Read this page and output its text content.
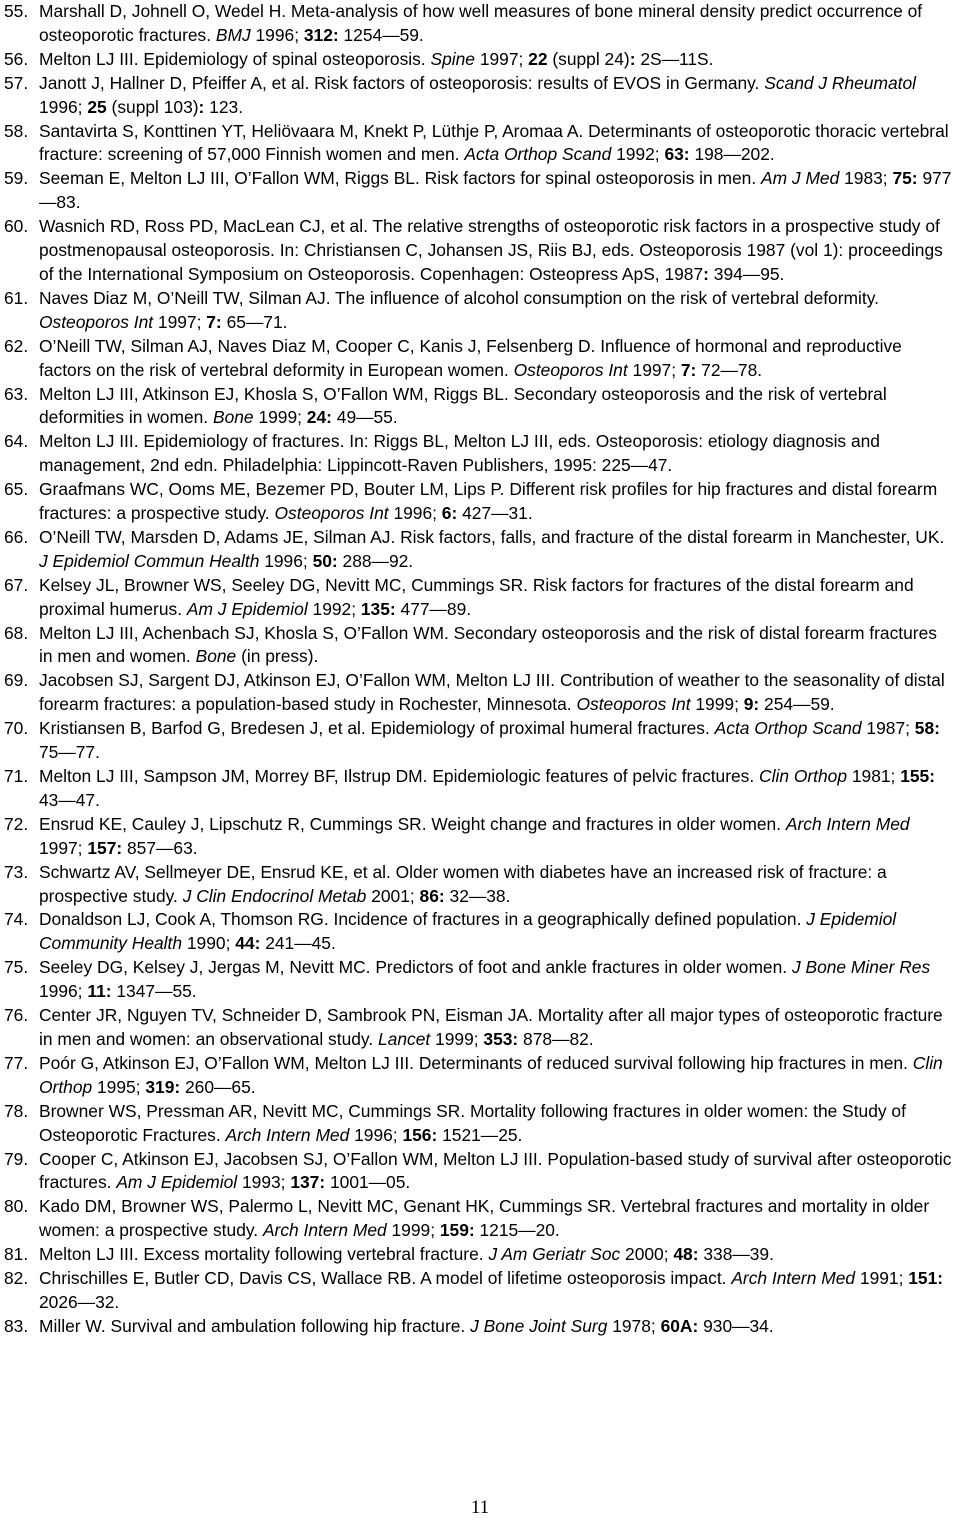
55. Marshall D, Johnell O, Wedel H. Meta-analysis of how well measures of bone mineral density predict occurrence of osteoporotic fractures. BMJ 1996; 312: 1254—59.
56. Melton LJ III. Epidemiology of spinal osteoporosis. Spine 1997; 22 (suppl 24): 2S—11S.
57. Janott J, Hallner D, Pfeiffer A, et al. Risk factors of osteoporosis: results of EVOS in Germany. Scand J Rheumatol 1996; 25 (suppl 103): 123.
58. Santavirta S, Konttinen YT, Heliövaara M, Knekt P, Lüthje P, Aromaa A. Determinants of osteoporotic thoracic vertebral fracture: screening of 57,000 Finnish women and men. Acta Orthop Scand 1992; 63: 198—202.
59. Seeman E, Melton LJ III, O’Fallon WM, Riggs BL. Risk factors for spinal osteoporosis in men. Am J Med 1983; 75: 977—83.
60. Wasnich RD, Ross PD, MacLean CJ, et al. The relative strengths of osteoporotic risk factors in a prospective study of postmenopausal osteoporosis. In: Christiansen C, Johansen JS, Riis BJ, eds. Osteoporosis 1987 (vol 1): proceedings of the International Symposium on Osteoporosis. Copenhagen: Osteopress ApS, 1987: 394—95.
61. Naves Diaz M, O’Neill TW, Silman AJ. The influence of alcohol consumption on the risk of vertebral deformity. Osteoporos Int 1997; 7: 65—71.
62. O’Neill TW, Silman AJ, Naves Diaz M, Cooper C, Kanis J, Felsenberg D. Influence of hormonal and reproductive factors on the risk of vertebral deformity in European women. Osteoporos Int 1997; 7: 72—78.
63. Melton LJ III, Atkinson EJ, Khosla S, O’Fallon WM, Riggs BL. Secondary osteoporosis and the risk of vertebral deformities in women. Bone 1999; 24: 49—55.
64. Melton LJ III. Epidemiology of fractures. In: Riggs BL, Melton LJ III, eds. Osteoporosis: etiology diagnosis and management, 2nd edn. Philadelphia: Lippincott-Raven Publishers, 1995: 225—47.
65. Graafmans WC, Ooms ME, Bezemer PD, Bouter LM, Lips P. Different risk profiles for hip fractures and distal forearm fractures: a prospective study. Osteoporos Int 1996; 6: 427—31.
66. O’Neill TW, Marsden D, Adams JE, Silman AJ. Risk factors, falls, and fracture of the distal forearm in Manchester, UK. J Epidemiol Commun Health 1996; 50: 288—92.
67. Kelsey JL, Browner WS, Seeley DG, Nevitt MC, Cummings SR. Risk factors for fractures of the distal forearm and proximal humerus. Am J Epidemiol 1992; 135: 477—89.
68. Melton LJ III, Achenbach SJ, Khosla S, O’Fallon WM. Secondary osteoporosis and the risk of distal forearm fractures in men and women. Bone (in press).
69. Jacobsen SJ, Sargent DJ, Atkinson EJ, O’Fallon WM, Melton LJ III. Contribution of weather to the seasonality of distal forearm fractures: a population-based study in Rochester, Minnesota. Osteoporos Int 1999; 9: 254—59.
70. Kristiansen B, Barfod G, Bredesen J, et al. Epidemiology of proximal humeral fractures. Acta Orthop Scand 1987; 58: 75—77.
71. Melton LJ III, Sampson JM, Morrey BF, Ilstrup DM. Epidemiologic features of pelvic fractures. Clin Orthop 1981; 155: 43—47.
72. Ensrud KE, Cauley J, Lipschutz R, Cummings SR. Weight change and fractures in older women. Arch Intern Med 1997; 157: 857—63.
73. Schwartz AV, Sellmeyer DE, Ensrud KE, et al. Older women with diabetes have an increased risk of fracture: a prospective study. J Clin Endocrinol Metab 2001; 86: 32—38.
74. Donaldson LJ, Cook A, Thomson RG. Incidence of fractures in a geographically defined population. J Epidemiol Community Health 1990; 44: 241—45.
75. Seeley DG, Kelsey J, Jergas M, Nevitt MC. Predictors of foot and ankle fractures in older women. J Bone Miner Res 1996; 11: 1347—55.
76. Center JR, Nguyen TV, Schneider D, Sambrook PN, Eisman JA. Mortality after all major types of osteoporotic fracture in men and women: an observational study. Lancet 1999; 353: 878—82.
77. Poór G, Atkinson EJ, O’Fallon WM, Melton LJ III. Determinants of reduced survival following hip fractures in men. Clin Orthop 1995; 319: 260—65.
78. Browner WS, Pressman AR, Nevitt MC, Cummings SR. Mortality following fractures in older women: the Study of Osteoporotic Fractures. Arch Intern Med 1996; 156: 1521—25.
79. Cooper C, Atkinson EJ, Jacobsen SJ, O’Fallon WM, Melton LJ III. Population-based study of survival after osteoporotic fractures. Am J Epidemiol 1993; 137: 1001—05.
80. Kado DM, Browner WS, Palermo L, Nevitt MC, Genant HK, Cummings SR. Vertebral fractures and mortality in older women: a prospective study. Arch Intern Med 1999; 159: 1215—20.
81. Melton LJ III. Excess mortality following vertebral fracture. J Am Geriatr Soc 2000; 48: 338—39.
82. Chrischilles E, Butler CD, Davis CS, Wallace RB. A model of lifetime osteoporosis impact. Arch Intern Med 1991; 151: 2026—32.
83. Miller W. Survival and ambulation following hip fracture. J Bone Joint Surg 1978; 60A: 930—34.
11
